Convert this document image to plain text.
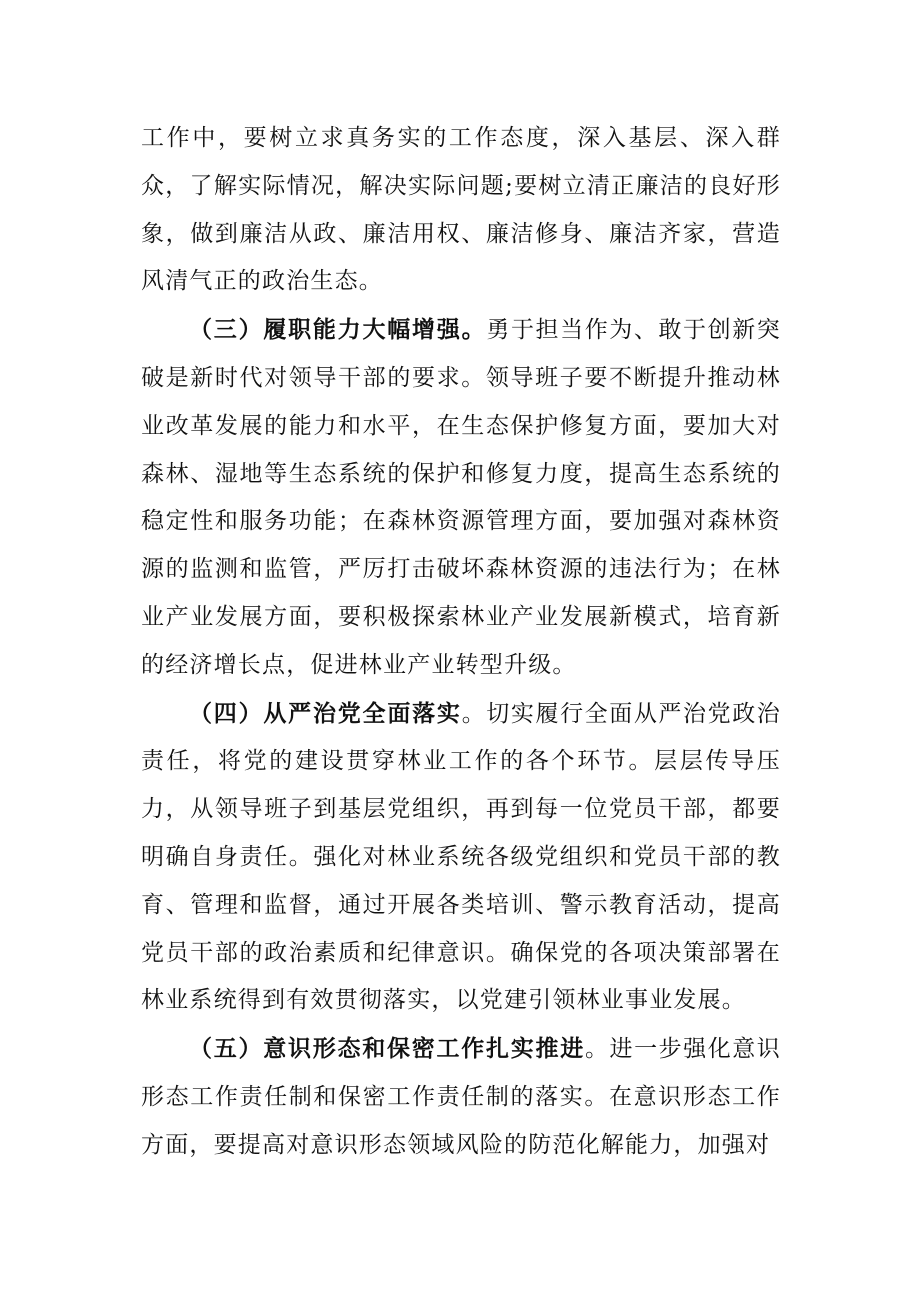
工作中，要树立求真务实的工作态度，深入基层、深入群众，了解实际情况，解决实际问题;要树立清正廉洁的良好形象，做到廉洁从政、廉洁用权、廉洁修身、廉洁齐家，营造风清气正的政治生态。

（三）履职能力大幅增强。勇于担当作为、敢于创新突破是新时代对领导干部的要求。领导班子要不断提升推动林业改革发展的能力和水平，在生态保护修复方面，要加大对森林、湿地等生态系统的保护和修复力度，提高生态系统的稳定性和服务功能；在森林资源管理方面，要加强对森林资源的监测和监管，严厉打击破坏森林资源的违法行为；在林业产业发展方面，要积极探索林业产业发展新模式，培育新的经济增长点，促进林业产业转型升级。

（四）从严治党全面落实。切实履行全面从严治党政治责任，将党的建设贯穿林业工作的各个环节。层层传导压力，从领导班子到基层党组织，再到每一位党员干部，都要明确自身责任。强化对林业系统各级党组织和党员干部的教育、管理和监督，通过开展各类培训、警示教育活动，提高党员干部的政治素质和纪律意识。确保党的各项决策部署在林业系统得到有效贯彻落实，以党建引领林业事业发展。

（五）意识形态和保密工作扎实推进。进一步强化意识形态工作责任制和保密工作责任制的落实。在意识形态工作方面，要提高对意识形态领域风险的防范化解能力，加强对
